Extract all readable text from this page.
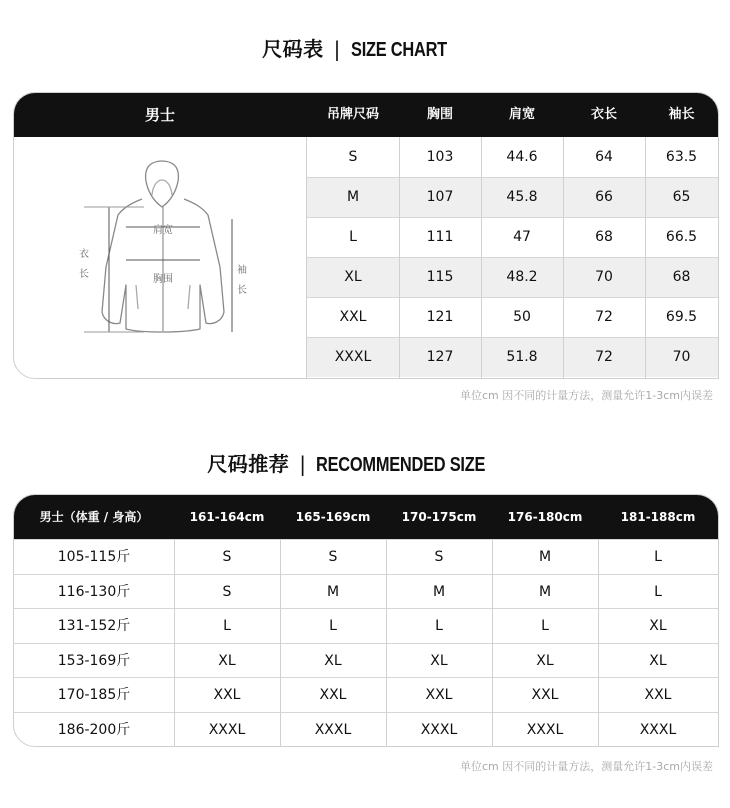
尺码表 | SIZE CHART
男士	吊牌尺码	胸围	肩宽	衣长	袖长
肩宽
胸围
衣
长	袖
长
S	103	44.6	64	63.5
M	107	45.8	66	65
L	111	47	68	66.5
XL	115	48.2	70	68
XXL	121	50	72	69.5
XXXL	127	51.8	72	70
单位cm 因不同的计量方法，测量允许1-3cm内误差
尺码推荐 | RECOMMENDED SIZE
男士（体重 / 身高）	161-164cm	165-169cm	170-175cm	176-180cm	181-188cm
105-115斤	S	S	S	M	L
116-130斤	S	M	M	M	L
131-152斤	L	L	L	L	XL
153-169斤	XL	XL	XL	XL	XL
170-185斤	XXL	XXL	XXL	XXL	XXL
186-200斤	XXXL	XXXL	XXXL	XXXL	XXXL
单位cm 因不同的计量方法，测量允许1-3cm内误差
